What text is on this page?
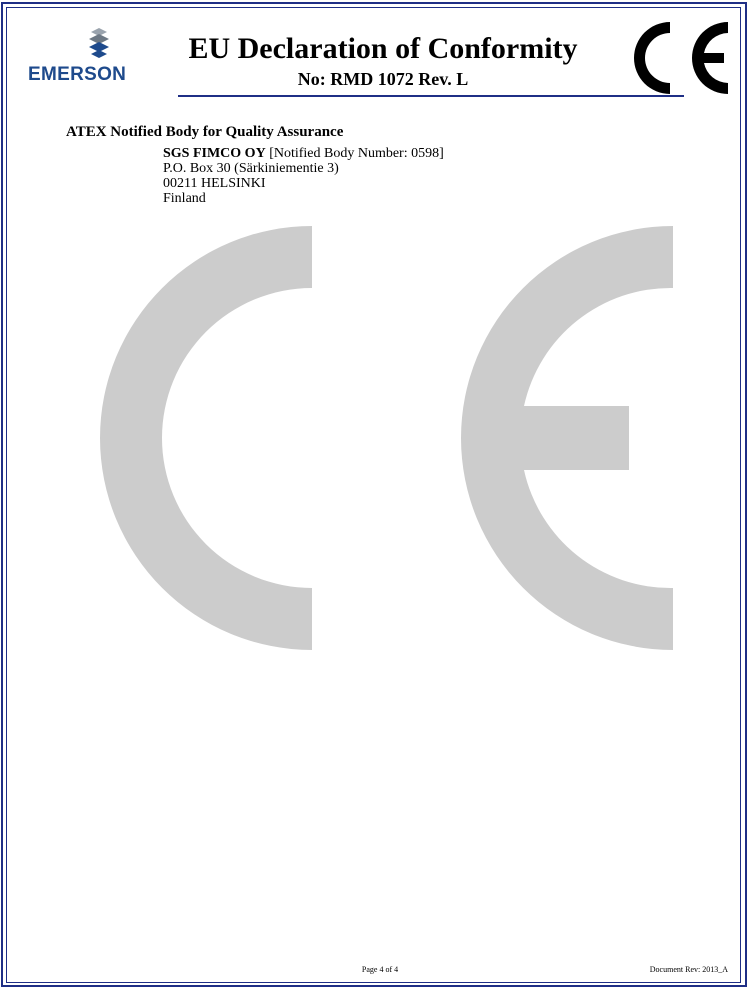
EMERSON
EU Declaration of Conformity
No: RMD 1072 Rev. L
ATEX Notified Body for Quality Assurance
SGS FIMCO OY [Notified Body Number: 0598]
P.O. Box 30 (Särkiniementie 3)
00211 HELSINKI
Finland
Page 4 of 4	Document Rev: 2013_A
